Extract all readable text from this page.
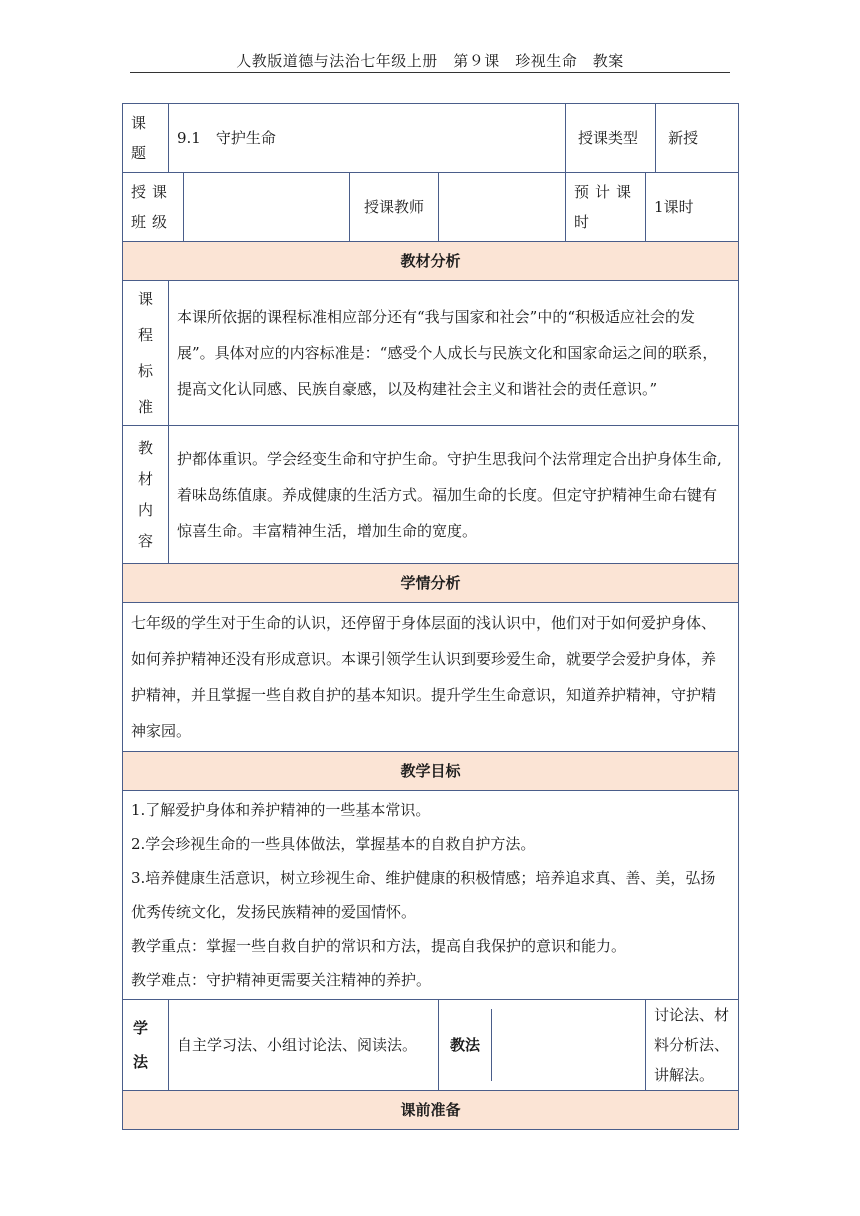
人教版道德与法治七年级上册　第９课　珍视生命　教案
课题	9.1　守护生命				授课类型		新授
授课班级			授课教师		预计课时	1课时	
教材分析							
课程标准	本课所依据的课程标准相应部分还有“我与国家和社会”中的“积极适应社会的发展”。具体对应的内容标准是：“感受个人成长与民族文化和国家命运之间的联系，提高文化认同感、民族自豪感，以及构建社会主义和谐社会的责任意识。”						
教材内容	护都体重识。学会经变生命和守护生命。守护生思我问个法常理定合出护身体生命,着味岛练值康。养成健康的生活方式。福加生命的长度。但定守护精神生命右键有惊喜生命。丰富精神生活，增加生命的宽度。						
学情分析							
七年级的学生对于生命的认识，还停留于身体层面的浅认识中，他们对于如何爱护身体、如何养护精神还没有形成意识。本课引领学生认识到要珍爱生命，就要学会爱护身体，养护精神，并且掌握一些自救自护的基本知识。提升学生生命意识，知道养护精神，守护精神家园。							
教学目标							

1.了解爱护身体和养护精神的一些基本常识。
2.学会珍视生命的一些具体做法，掌握基本的自救自护方法。
3.培养健康生活意识，树立珍视生命、维护健康的积极情感；培养追求真、善、美，弘扬优秀传统文化，发扬民族精神的爱国情怀。
教学重点：掌握一些自救自护的常识和方法，提高自我保护的意识和能力。
教学难点：守护精神更需要关注精神的养护。							

学法	自主学习法、小组讨论法、阅读法。			教法		讨论法、材料分析法、讲解法。	
课前准备							
